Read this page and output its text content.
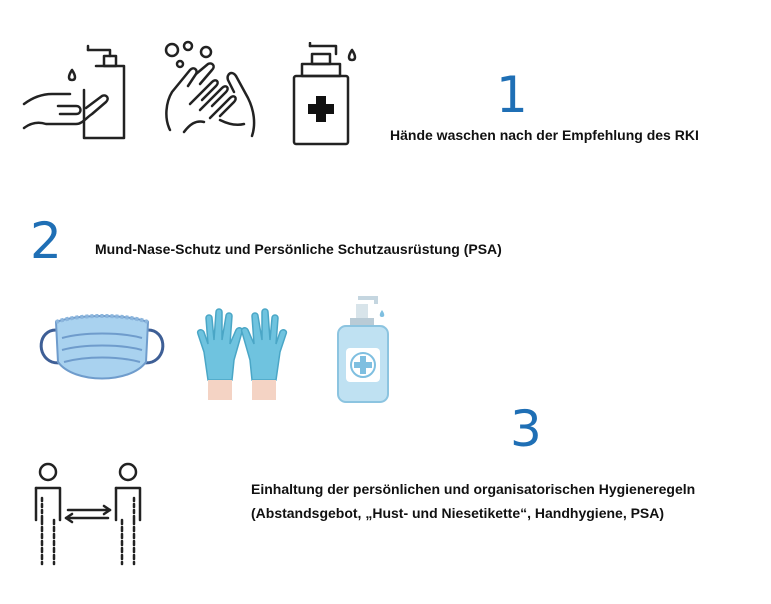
1
Hände waschen nach der Empfehlung des RKI
2 Mund-Nase-Schutz und Persönliche Schutzausrüstung (PSA)
3
Einhaltung der persönlichen und organisatorischen Hygieneregeln
(Abstandsgebot, „Hust- und Niesetikette“, Handhygiene, PSA)
